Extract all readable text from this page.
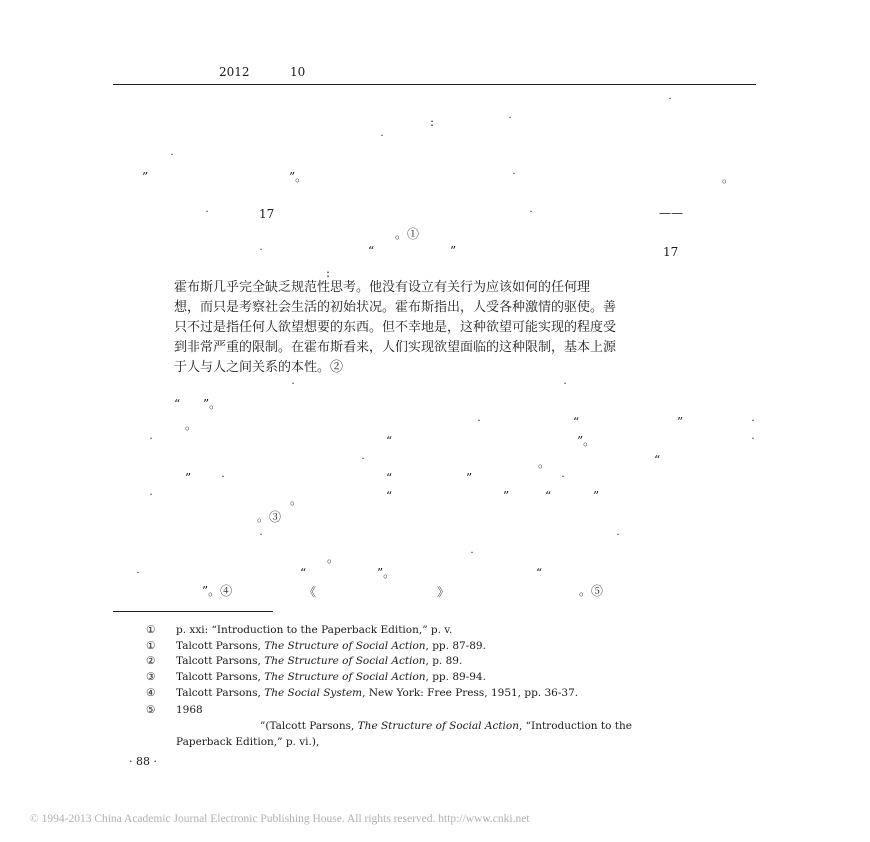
2012	10
˙
:	˙
˙
˙
”	”。	˙	。
˙	17	˙	——
。①
˙	“	”	17
:

霍布斯几乎完全缺乏规范性思考。他没有设立有关行为应该如何的任何理

想，而只是考察社会生活的初始状况。霍布斯指出，人受各种激情的驱使。善

只不过是指任何人欲望想要的东西。但不幸地是，这种欲望可能实现的程度受

到非常严重的限制。在霍布斯看来，人们实现欲望面临的这种限制，基本上源

于人与人之间关系的本性。②

˙	˙
“ ”。
。	˙	“	”	˙
˙	“	”。	˙
˙	。	“
” ˙	“	”	˙
˙	。	“	”	“	”
。③
˙	˙
。	˙
˙	“	”。	“
”。④	《	》	。⑤
① p. xxi: “Introduction to the Paperback Edition,” p. v.
① Talcott Parsons, The Structure of Social Action, pp. 87-89.
② Talcott Parsons, The Structure of Social Action, p. 89.
③ Talcott Parsons, The Structure of Social Action, pp. 89-94.
④ Talcott Parsons, The Social System, New York: Free Press, 1951, pp. 36-37.
⑤ 1968
”(Talcott Parsons, The Structure of Social Action, “Introduction to the
Paperback Edition,” p. vi.),
· 88 ·
© 1994-2013 China Academic Journal Electronic Publishing House. All rights reserved. http://www.cnki.net
